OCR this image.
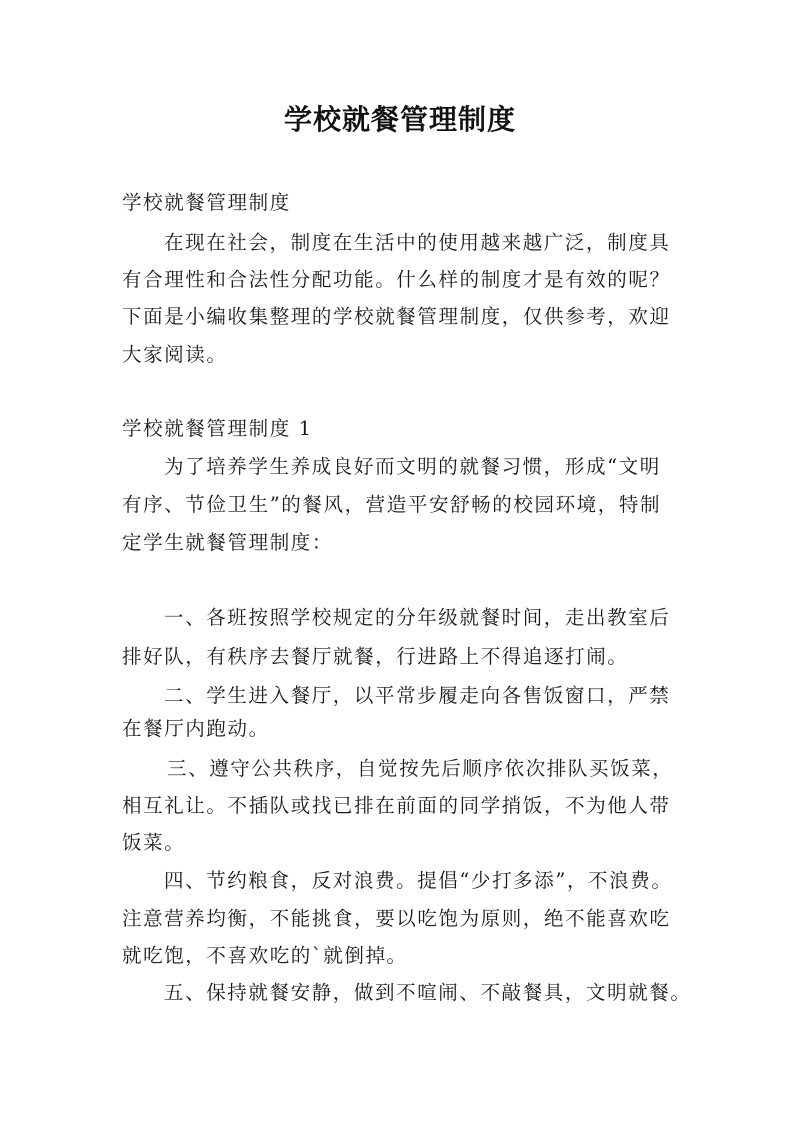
学校就餐管理制度
学校就餐管理制度
在现在社会，制度在生活中的使用越来越广泛，制度具
有合理性和合法性分配功能。什么样的制度才是有效的呢？
下面是小编收集整理的学校就餐管理制度，仅供参考，欢迎
大家阅读。
学校就餐管理制度 1
为了培养学生养成良好而文明的就餐习惯，形成“文明
有序、节俭卫生”的餐风，营造平安舒畅的校园环境，特制
定学生就餐管理制度：
一、各班按照学校规定的分年级就餐时间，走出教室后
排好队，有秩序去餐厅就餐，行进路上不得追逐打闹。
二、学生进入餐厅，以平常步履走向各售饭窗口，严禁
在餐厅内跑动。
三、遵守公共秩序，自觉按先后顺序依次排队买饭菜，
相互礼让。不插队或找已排在前面的同学捎饭，不为他人带
饭菜。
四、节约粮食，反对浪费。提倡“少打多添”，不浪费。
注意营养均衡，不能挑食，要以吃饱为原则，绝不能喜欢吃
就吃饱，不喜欢吃的`就倒掉。
五、保持就餐安静，做到不喧闹、不敲餐具，文明就餐。
